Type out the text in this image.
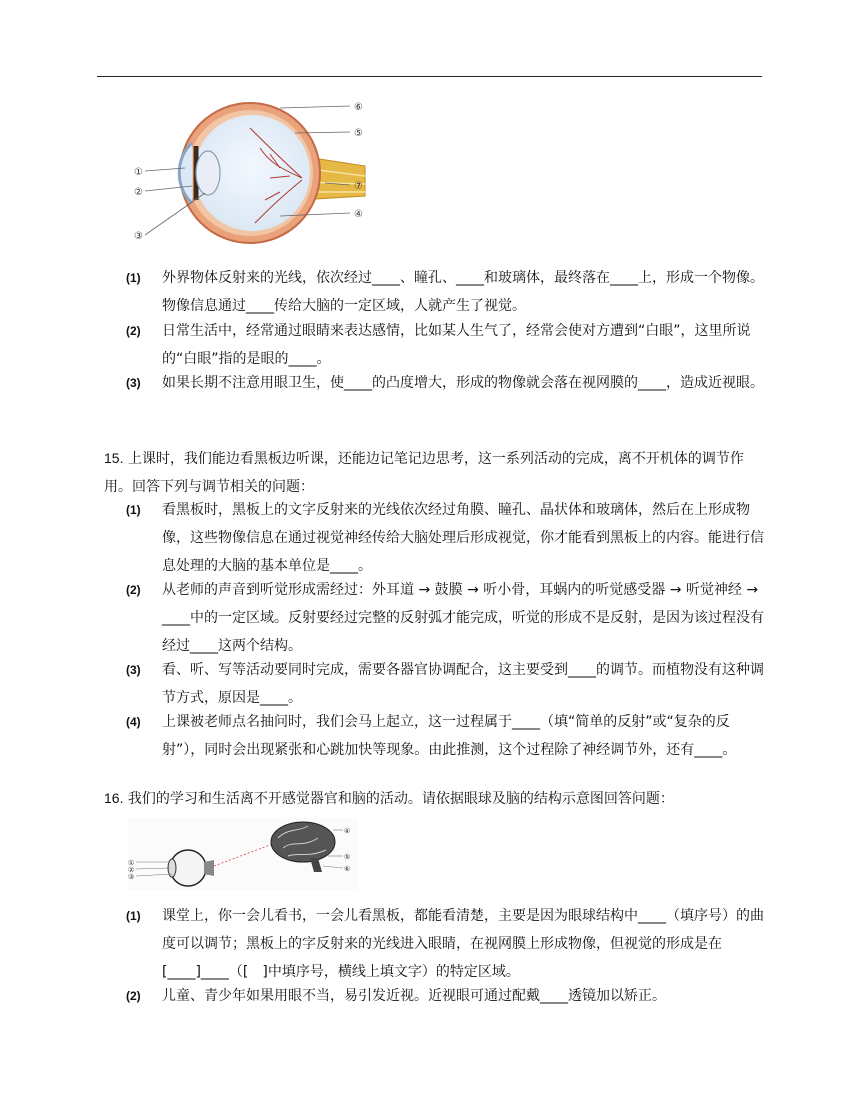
①
②
③
④
⑤
⑥
⑦
(1) 外界物体反射来的光线，依次经过____、瞳孔、____和玻璃体，最终落在____上，形成一个物像。物像信息通过____传给大脑的一定区域，人就产生了视觉。
(2) 日常生活中，经常通过眼睛来表达感情，比如某人生气了，经常会使对方遭到“白眼”，这里所说的“白眼”指的是眼的____。
(3) 如果长期不注意用眼卫生，使____的凸度增大，形成的物像就会落在视网膜的____，造成近视眼。
15. 上课时，我们能边看黑板边听课，还能边记笔记边思考，这一系列活动的完成，离不开机体的调节作用。回答下列与调节相关的问题：
(1) 看黑板时，黑板上的文字反射来的光线依次经过角膜、瞳孔、晶状体和玻璃体，然后在上形成物像，这些物像信息在通过视觉神经传给大脑处理后形成视觉，你才能看到黑板上的内容。能进行信息处理的大脑的基本单位是____。
(2) 从老师的声音到听觉形成需经过：外耳道 → 鼓膜 → 听小骨，耳蜗内的听觉感受器 → 听觉神经 → ____中的一定区域。反射要经过完整的反射弧才能完成，听觉的形成不是反射，是因为该过程没有经过____这两个结构。
(3) 看、听、写等活动要同时完成，需要各器官协调配合，这主要受到____的调节。而植物没有这种调节方式，原因是____。
(4) 上课被老师点名抽问时，我们会马上起立，这一过程属于____（填“简单的反射”或“复杂的反射”），同时会出现紧张和心跳加快等现象。由此推测，这个过程除了神经调节外，还有____。
16. 我们的学习和生活离不开感觉器官和脑的活动。请依据眼球及脑的结构示意图回答问题：
①
②
③
④
⑤
⑥
(1) 课堂上，你一会儿看书，一会儿看黑板，都能看清楚，主要是因为眼球结构中____（填序号）的曲度可以调节；黑板上的字反射来的光线进入眼睛，在视网膜上形成物像，但视觉的形成是在[____]____（[　]中填序号，横线上填文字）的特定区域。
(2) 儿童、青少年如果用眼不当，易引发近视。近视眼可通过配戴____透镜加以矫正。
